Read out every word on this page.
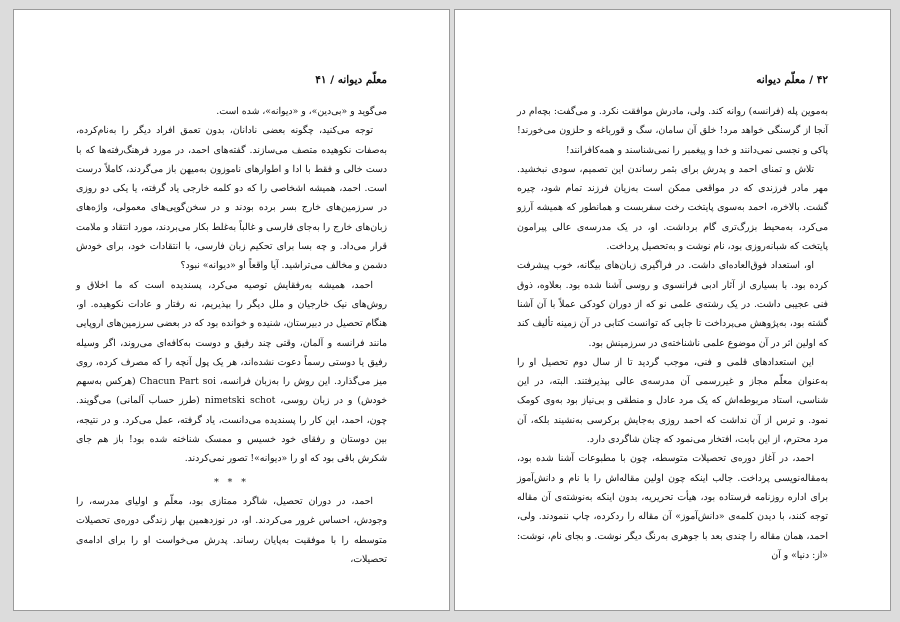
معلّم دیوانه / ۴۱

می‌گوید و «بی‌دین»، و «دیوانه»، شده است.

توجه می‌کنید، چگونه بعضی نادانان، بدون تعمق افراد دیگر را به‌نام‌کرده، به‌صفات نکوهیده متصف می‌سازند. گفته‌های احمد، در مورد فرهنگ‌رفته‌ها که با دست خالی و فقط با ادا و اطوارهای ناموزون به‌میهن باز می‌گردند، کاملاً درست است. احمد، همیشه اشخاصی را که دو کلمه خارجی یاد گرفته، یا یکی دو روزی در سرزمین‌های خارج بسر برده بودند و در سخن‌گویی‌های معمولی، واژه‌های زبان‌های خارج را به‌جای فارسی و غالباً به‌غلط بکار می‌بردند، مورد انتقاد و ملامت قرار می‌داد. و چه بسا برای تحکیم زبان فارسی، با انتقادات خود، برای خودش دشمن و مخالف می‌تراشید. آیا واقعاً او «دیوانه» نبود؟

احمد، همیشه به‌رفقایش توصیه می‌کرد، پسندیده است که ما اخلاق و روش‌های نیک خارجیان و ملل دیگر را بپذیریم، نه رفتار و عادات نکوهیده. او، هنگام تحصیل در دبیرستان، شنیده و خوانده بود که در بعضی سرزمین‌های اروپایی مانند فرانسه و آلمان، وقتی چند رفیق و دوست به‌کافه‌ای می‌روند، اگر وسیله رفیق یا دوستی رسماً دعوت نشده‌اند، هر یک پول آنچه را که مصرف کرده، روی میز می‌گذارد. این روش را به‌زبان فرانسه، Chacun Part soi (هرکس به‌سهم خودش) و در زبان روسی، nimetski schot (طرز حساب آلمانی) می‌گویند. چون، احمد، این کار را پسندیده می‌دانست، یاد گرفته، عمل می‌کرد. و در نتیجه، بین دوستان و رفقای خود خسیس و ممسک شناخته شده بود! باز هم جای شکرش باقی بود که او را «دیوانه»! تصور نمی‌کردند.

* * *

احمد، در دوران تحصیل، شاگرد ممتازی بود، معلّم و اولیای مدرسه، را وجودش، احساس غرور می‌کردند. او، در نوزدهمین بهار زندگی دوره‌ی تحصیلات متوسطه را با موفقیت به‌پایان رساند. پدرش می‌خواست او را برای ادامه‌ی تحصیلات،

۴۲ / معلّم دیوانه

به‌موین پله (فرانسه) روانه کند. ولی، مادرش موافقت نکرد. و می‌گفت: بچه‌ام در آنجا از گرسنگی خواهد مرد! خلق آن سامان، سگ و قورباغه و حلزون می‌خورند! پاکی و نجسی نمی‌دانند و خدا و پیغمبر را نمی‌شناسند و همه‌کافرانند!

تلاش و تمنای احمد و پدرش برای بثمر رساندن این تصمیم، سودی نبخشید. مهر مادر فرزندی که در مواقعی ممکن است به‌زیان فرزند تمام شود، چیره گشت. بالاخره، احمد به‌سوی پایتخت رخت سفربست و همانطور که همیشه آرزو می‌کرد، به‌محیط بزرگ‌تری گام برداشت. او، در یک مدرسه‌ی عالی پیرامون پایتخت که شبانه‌روزی بود، نام نوشت و به‌تحصیل پرداخت.

او، استعداد فوق‌العاده‌ای داشت. در فراگیری زبان‌های بیگانه، خوب پیشرفت کرده بود. با بسیاری از آثار ادبی فرانسوی و روسی آشنا شده بود. بعلاوه، ذوق فنی عجیبی داشت. در یک رشته‌ی علمی نو که از دوران کودکی عملاً با آن آشنا گشته بود، به‌پژوهش می‌پرداخت تا جایی که توانست کتابی در آن زمینه تألیف کند که اولین اثر در آن موضوع علمی ناشناخته‌ی در سرزمینش بود.

این استعدادهای قلمی و فنی، موجب گردید تا از سال دوم تحصیل او را به‌عنوان معلّم مجاز و غیررسمی آن مدرسه‌ی عالی بپذیرفتند. البته، در این شناسی، استاد مربوطه‌اش که یک مرد عادل و منطقی و بی‌نیاز بود به‌وی کومک نمود. و ترس از آن نداشت که احمد روزی به‌جایش برکرسی به‌نشیند بلکه، آن مرد محترم، از این بابت، افتخار می‌نمود که چنان شاگردی دارد.

احمد، در آغاز دوره‌ی تحصیلات متوسطه، چون با مطبوعات آشنا شده بود، به‌مقاله‌نویسی پرداخت. جالب اینکه چون اولین مقاله‌اش را با نام و دانش‌آموز برای اداره روزنامه فرستاده بود، هیأت تحریریه، بدون اینکه به‌نوشته‌ی آن مقاله توجه کنند، با دیدن کلمه‌ی «دانش‌آموز» آن مقاله را ردکرده، چاپ ننمودند. ولی، احمد، همان مقاله را چندی بعد با جوهری به‌رنگ دیگر نوشت. و بجای نام، نوشت: «از: دنیا» و آن
